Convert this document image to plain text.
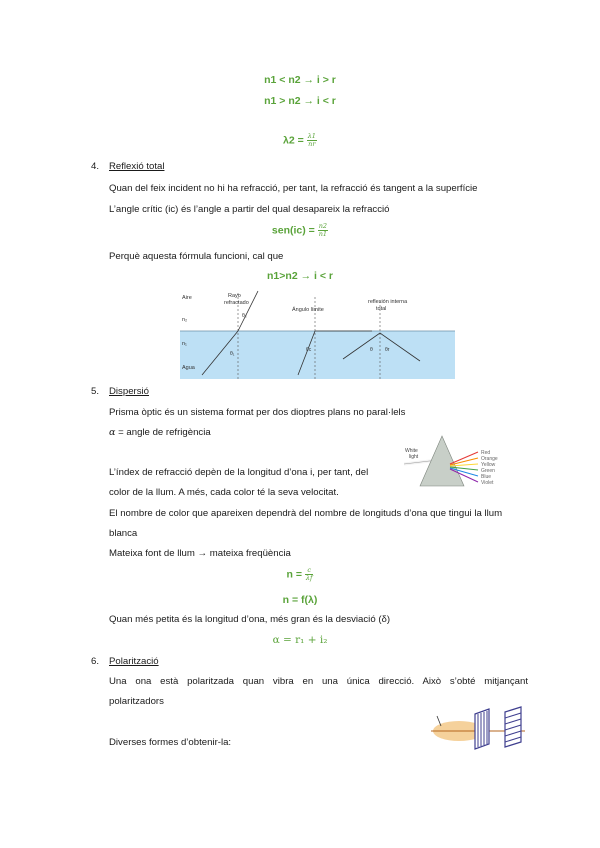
n1 < n2 → i > r
n1 > n2 → i < r
$\lambda 2 = \frac{\lambda 1}{nr}$
4. Reflexió total
Quan del feix incident no hi ha refracció, per tant, la refracció és tangent a la superfície
L’angle crític (ic) és l’angle a partir del qual desapareix la refracció
$sen(ic) = \frac{n2}{n1}$
Perquè aquesta fórmula funcioni, cal que
n1>n2 → i < r
Aire
n₂
n₁
Agua
Rayo
refractado
θ₂
θ₁
Ángulo límite
θc
reflexión interna
total
θ θr
5. Dispersió
Prisma òptic és un sistema format per dos dioptres plans no paral·lels
α = angle de refrigència
White
light
Red
Orange
Yellow
Green
Blue
Violet
L’índex de refracció depèn de la longitud d’ona i, per tant, del
color de la llum. A més, cada color té la seva velocitat.
El nombre de color que apareixen dependrà del nombre de longituds d’ona que tingui la llum
blanca
Mateixa font de llum → mateixa freqüència
$n = \frac{c}{\lambda f}$
n = f(λ)
Quan més petita és la longitud d’ona, més gran és la desviació (δ)
α = r₁ + i₂
6. Polarització
Una ona està polaritzada quan vibra en una única direcció. Això s’obté mitjançant
polaritzadors
Diverses formes d’obtenir-la:
